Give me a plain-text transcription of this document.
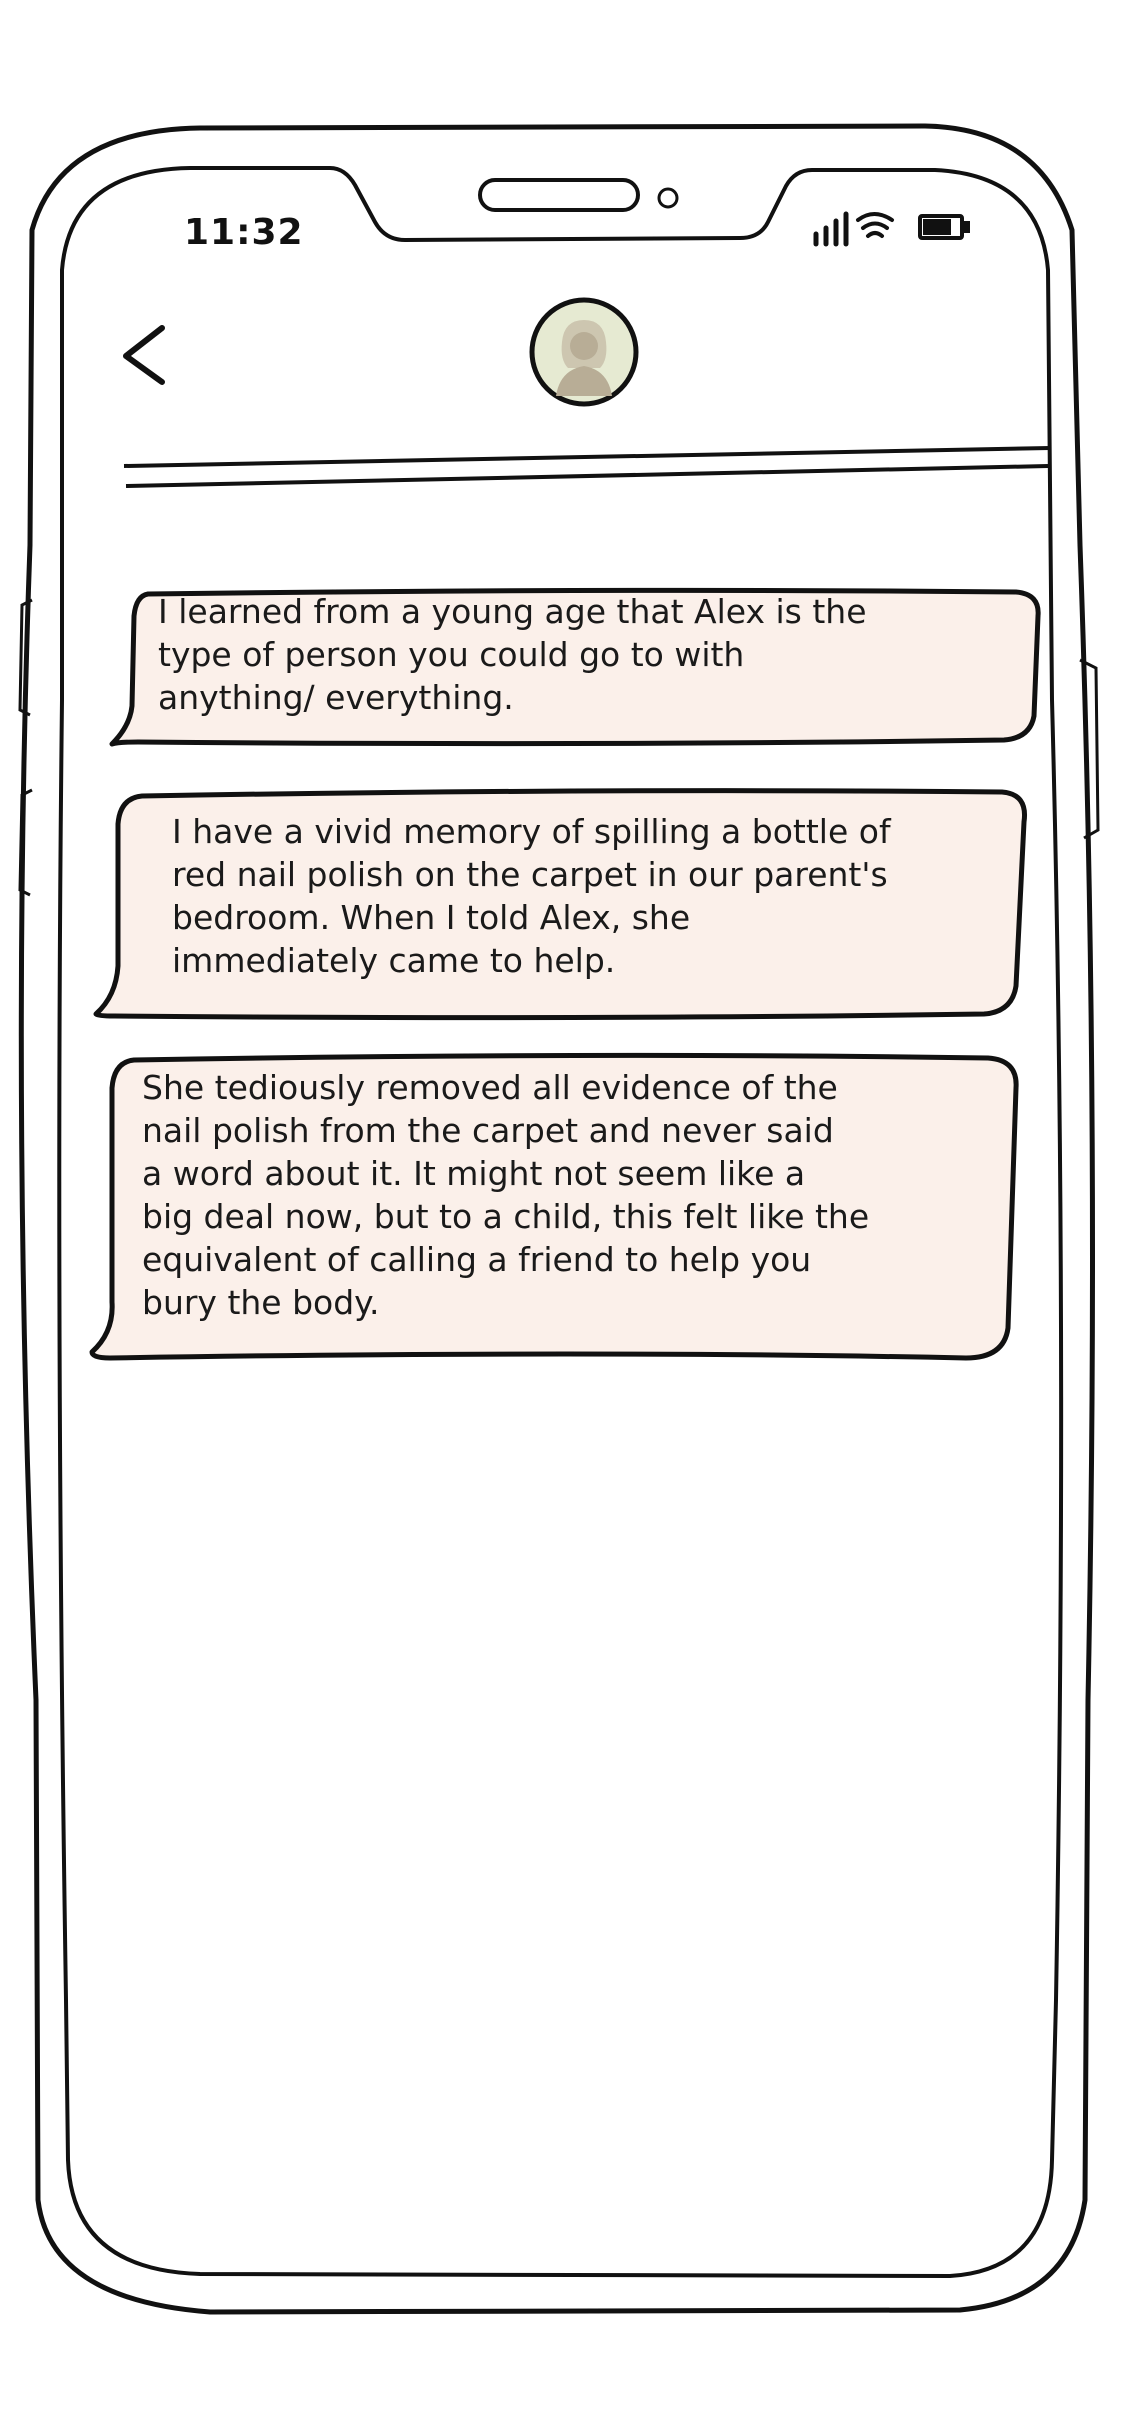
11:32
I learned from a young age that Alex is the
type of person you could go to with
anything/ everything.
I have a vivid memory of spilling a bottle of
red nail polish on the carpet in our parent's
bedroom. When I told Alex, she
immediately came to help.
She tediously removed all evidence of the
nail polish from the carpet and never said
a word about it. It might not seem like a
big deal now, but to a child, this felt like the
equivalent of calling a friend to help you
bury the body.
